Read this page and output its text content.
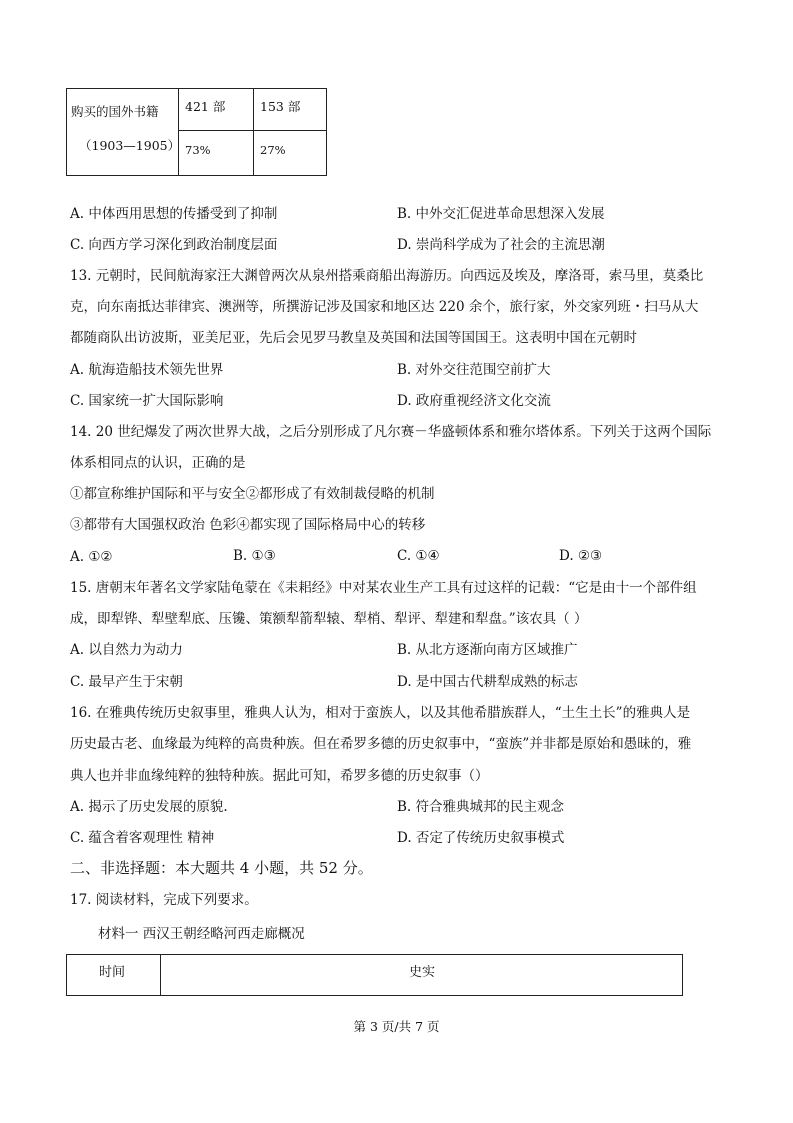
购买的国外书籍
（1903—1905）	421 部	153 部

	73%	27%
A. 中体西用思想的传播受到了抑制	B. 中外交汇促进革命思想深入发展
C. 向西方学习深化到政治制度层面	D. 崇尚科学成为了社会的主流思潮
13. 元朝时，民间航海家汪大渊曾两次从泉州搭乘商船出海游历。向西远及埃及，摩洛哥，索马里，莫桑比
克，向东南抵达菲律宾、澳洲等，所撰游记涉及国家和地区达 220 余个，旅行家，外交家列班・扫马从大
都随商队出访波斯，亚美尼亚，先后会见罗马教皇及英国和法国等国国王。这表明中国在元朝时
A. 航海造船技术领先世界	B. 对外交往范围空前扩大
C. 国家统一扩大国际影响	D. 政府重视经济文化交流
14. 20 世纪爆发了两次世界大战，之后分别形成了凡尔赛－华盛顿体系和雅尔塔体系。下列关于这两个国际
体系相同点的认识，正确的是
①都宣称维护国际和平与安全②都形成了有效制裁侵略的机制
③都带有大国强权政治 色彩④都实现了国际格局中心的转移
A. ①②	B. ①③	C. ①④	D. ②③
15. 唐朝末年著名文学家陆龟蒙在《耒耜经》中对某农业生产工具有过这样的记载：“它是由十一个部件组
成，即犁铧、犁壁犁底、压镵、策额犁箭犁辕、犁梢、犁评、犁建和犁盘。”该农具（ ）
A. 以自然力为动力	B. 从北方逐渐向南方区域推广
C. 最早产生于宋朝	D. 是中国古代耕犁成熟的标志
16. 在雅典传统历史叙事里，雅典人认为，相对于蛮族人，以及其他希腊族群人，“土生土长”的雅典人是
历史最古老、血缘最为纯粹的高贵种族。但在希罗多德的历史叙事中，“蛮族”并非都是原始和愚昧的，雅
典人也并非血缘纯粹的独特种族。据此可知，希罗多德的历史叙事（）
A. 揭示了历史发展的原貌.	B. 符合雅典城邦的民主观念
C. 蕴含着客观理性 精神	D. 否定了传统历史叙事模式
二、非选择题：本大题共 4 小题，共 52 分。
17. 阅读材料，完成下列要求。
材料一 西汉王朝经略河西走廊概况
时间	史实
第 3 页/共 7 页
